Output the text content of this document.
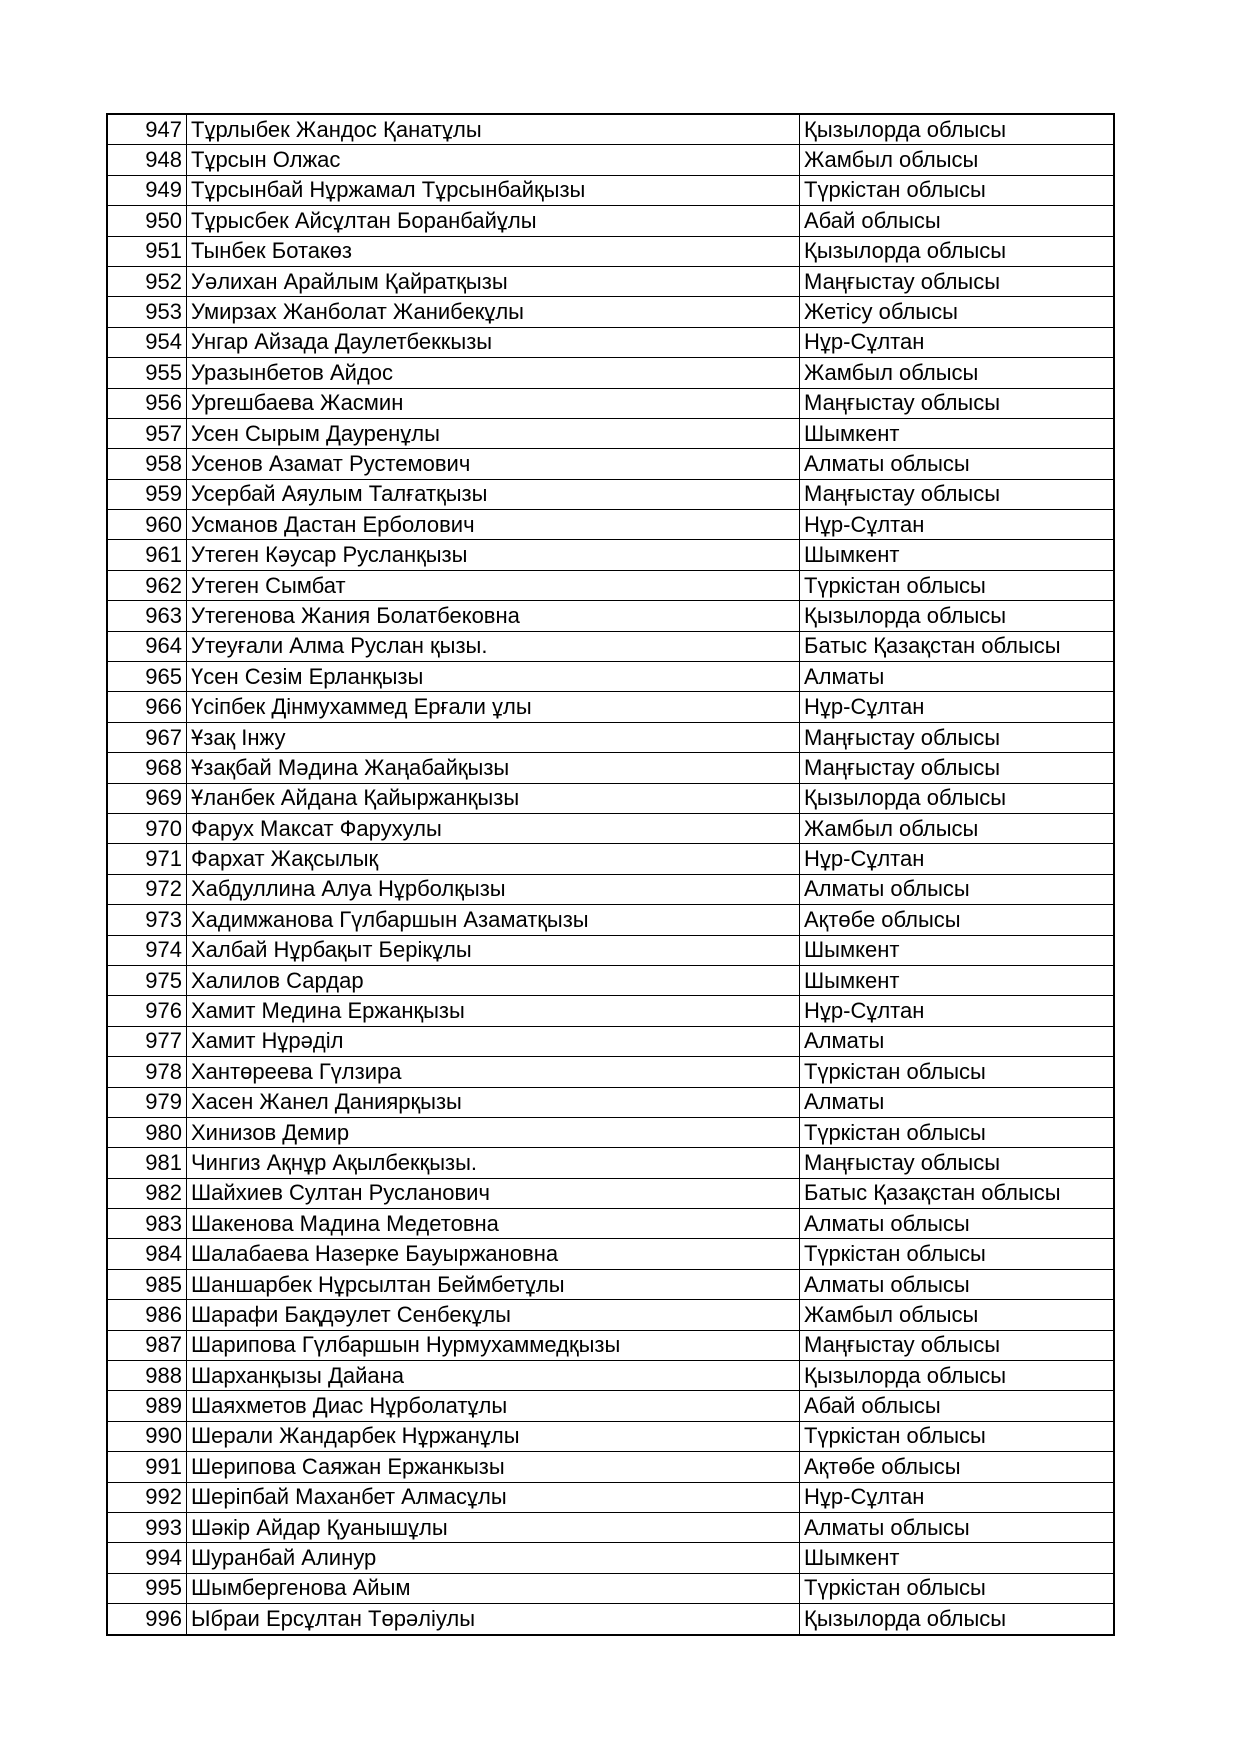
947	Тұрлыбек Жандос Қанатұлы	Қызылорда облысы
948	Тұрсын Олжас	Жамбыл облысы
949	Тұрсынбай Нұржамал Тұрсынбайқызы	Түркістан облысы
950	Тұрысбек Айсұлтан Боранбайұлы	Абай облысы
951	Тынбек Ботакөз	Қызылорда облысы
952	Уәлихан Арайлым Қайратқызы	Маңғыстау облысы
953	Умирзах Жанболат Жанибекұлы	Жетісу облысы
954	Унгар Айзада Даулетбеккызы	Нұр-Сұлтан
955	Уразынбетов Айдос	Жамбыл облысы
956	Ургешбаева Жасмин	Маңғыстау облысы
957	Усен Сырым Дауренұлы	Шымкент
958	Усенов Азамат Рустемович	Алматы облысы
959	Усербай Аяулым Талғатқызы	Маңғыстау облысы
960	Усманов Дастан Ерболович	Нұр-Сұлтан
961	Утеген Кәусар Русланқызы	Шымкент
962	Утеген Сымбат	Түркістан облысы
963	Утегенова Жания Болатбековна	Қызылорда облысы
964	Утеуғали Алма Руслан қызы.	Батыс Қазақстан облысы
965	Үсен Сезім Ерланқызы	Алматы
966	Үсіпбек Дінмухаммед Ерғали ұлы	Нұр-Сұлтан
967	Ұзақ Інжу	Маңғыстау облысы
968	Ұзақбай Мәдина Жаңабайқызы	Маңғыстау облысы
969	Ұланбек Айдана Қайыржанқызы	Қызылорда облысы
970	Фарух Максат Фарухулы	Жамбыл облысы
971	Фархат Жақсылық	Нұр-Сұлтан
972	Хабдуллина Алуа Нұрболқызы	Алматы облысы
973	Хадимжанова Гүлбаршын Азаматқызы	Ақтөбе облысы
974	Халбай Нұрбақыт Берікұлы	Шымкент
975	Халилов Сардар	Шымкент
976	Хамит Медина Ержанқызы	Нұр-Сұлтан
977	Хамит Нұрәділ	Алматы
978	Хантөреева Гүлзира	Түркістан облысы
979	Хасен Жанел Даниярқызы	Алматы
980	Хинизов Демир	Түркістан облысы
981	Чингиз Ақнұр Ақылбекқызы.	Маңғыстау облысы
982	Шайхиев Султан Русланович	Батыс Қазақстан облысы
983	Шакенова Мадина Медетовна	Алматы облысы
984	Шалабаева Назерке Бауыржановна	Түркістан облысы
985	Шаншарбек Нұрсылтан Беймбетұлы	Алматы облысы
986	Шарафи Бақдәулет Сенбекұлы	Жамбыл облысы
987	Шарипова Гүлбаршын Нурмухаммедқызы	Маңғыстау облысы
988	Шарханқызы Дайана	Қызылорда облысы
989	Шаяхметов Диас Нұрболатұлы	Абай облысы
990	Шерали Жандарбек Нұржанұлы	Түркістан облысы
991	Шерипова Саяжан Ержанкызы	Ақтөбе облысы
992	Шеріпбай Маханбет Алмасұлы	Нұр-Сұлтан
993	Шәкір Айдар Қуанышұлы	Алматы облысы
994	Шуранбай Алинур	Шымкент
995	Шымбергенова Айым	Түркістан облысы
996	Ыбраи Ерсұлтан Төрәліулы	Қызылорда облысы
